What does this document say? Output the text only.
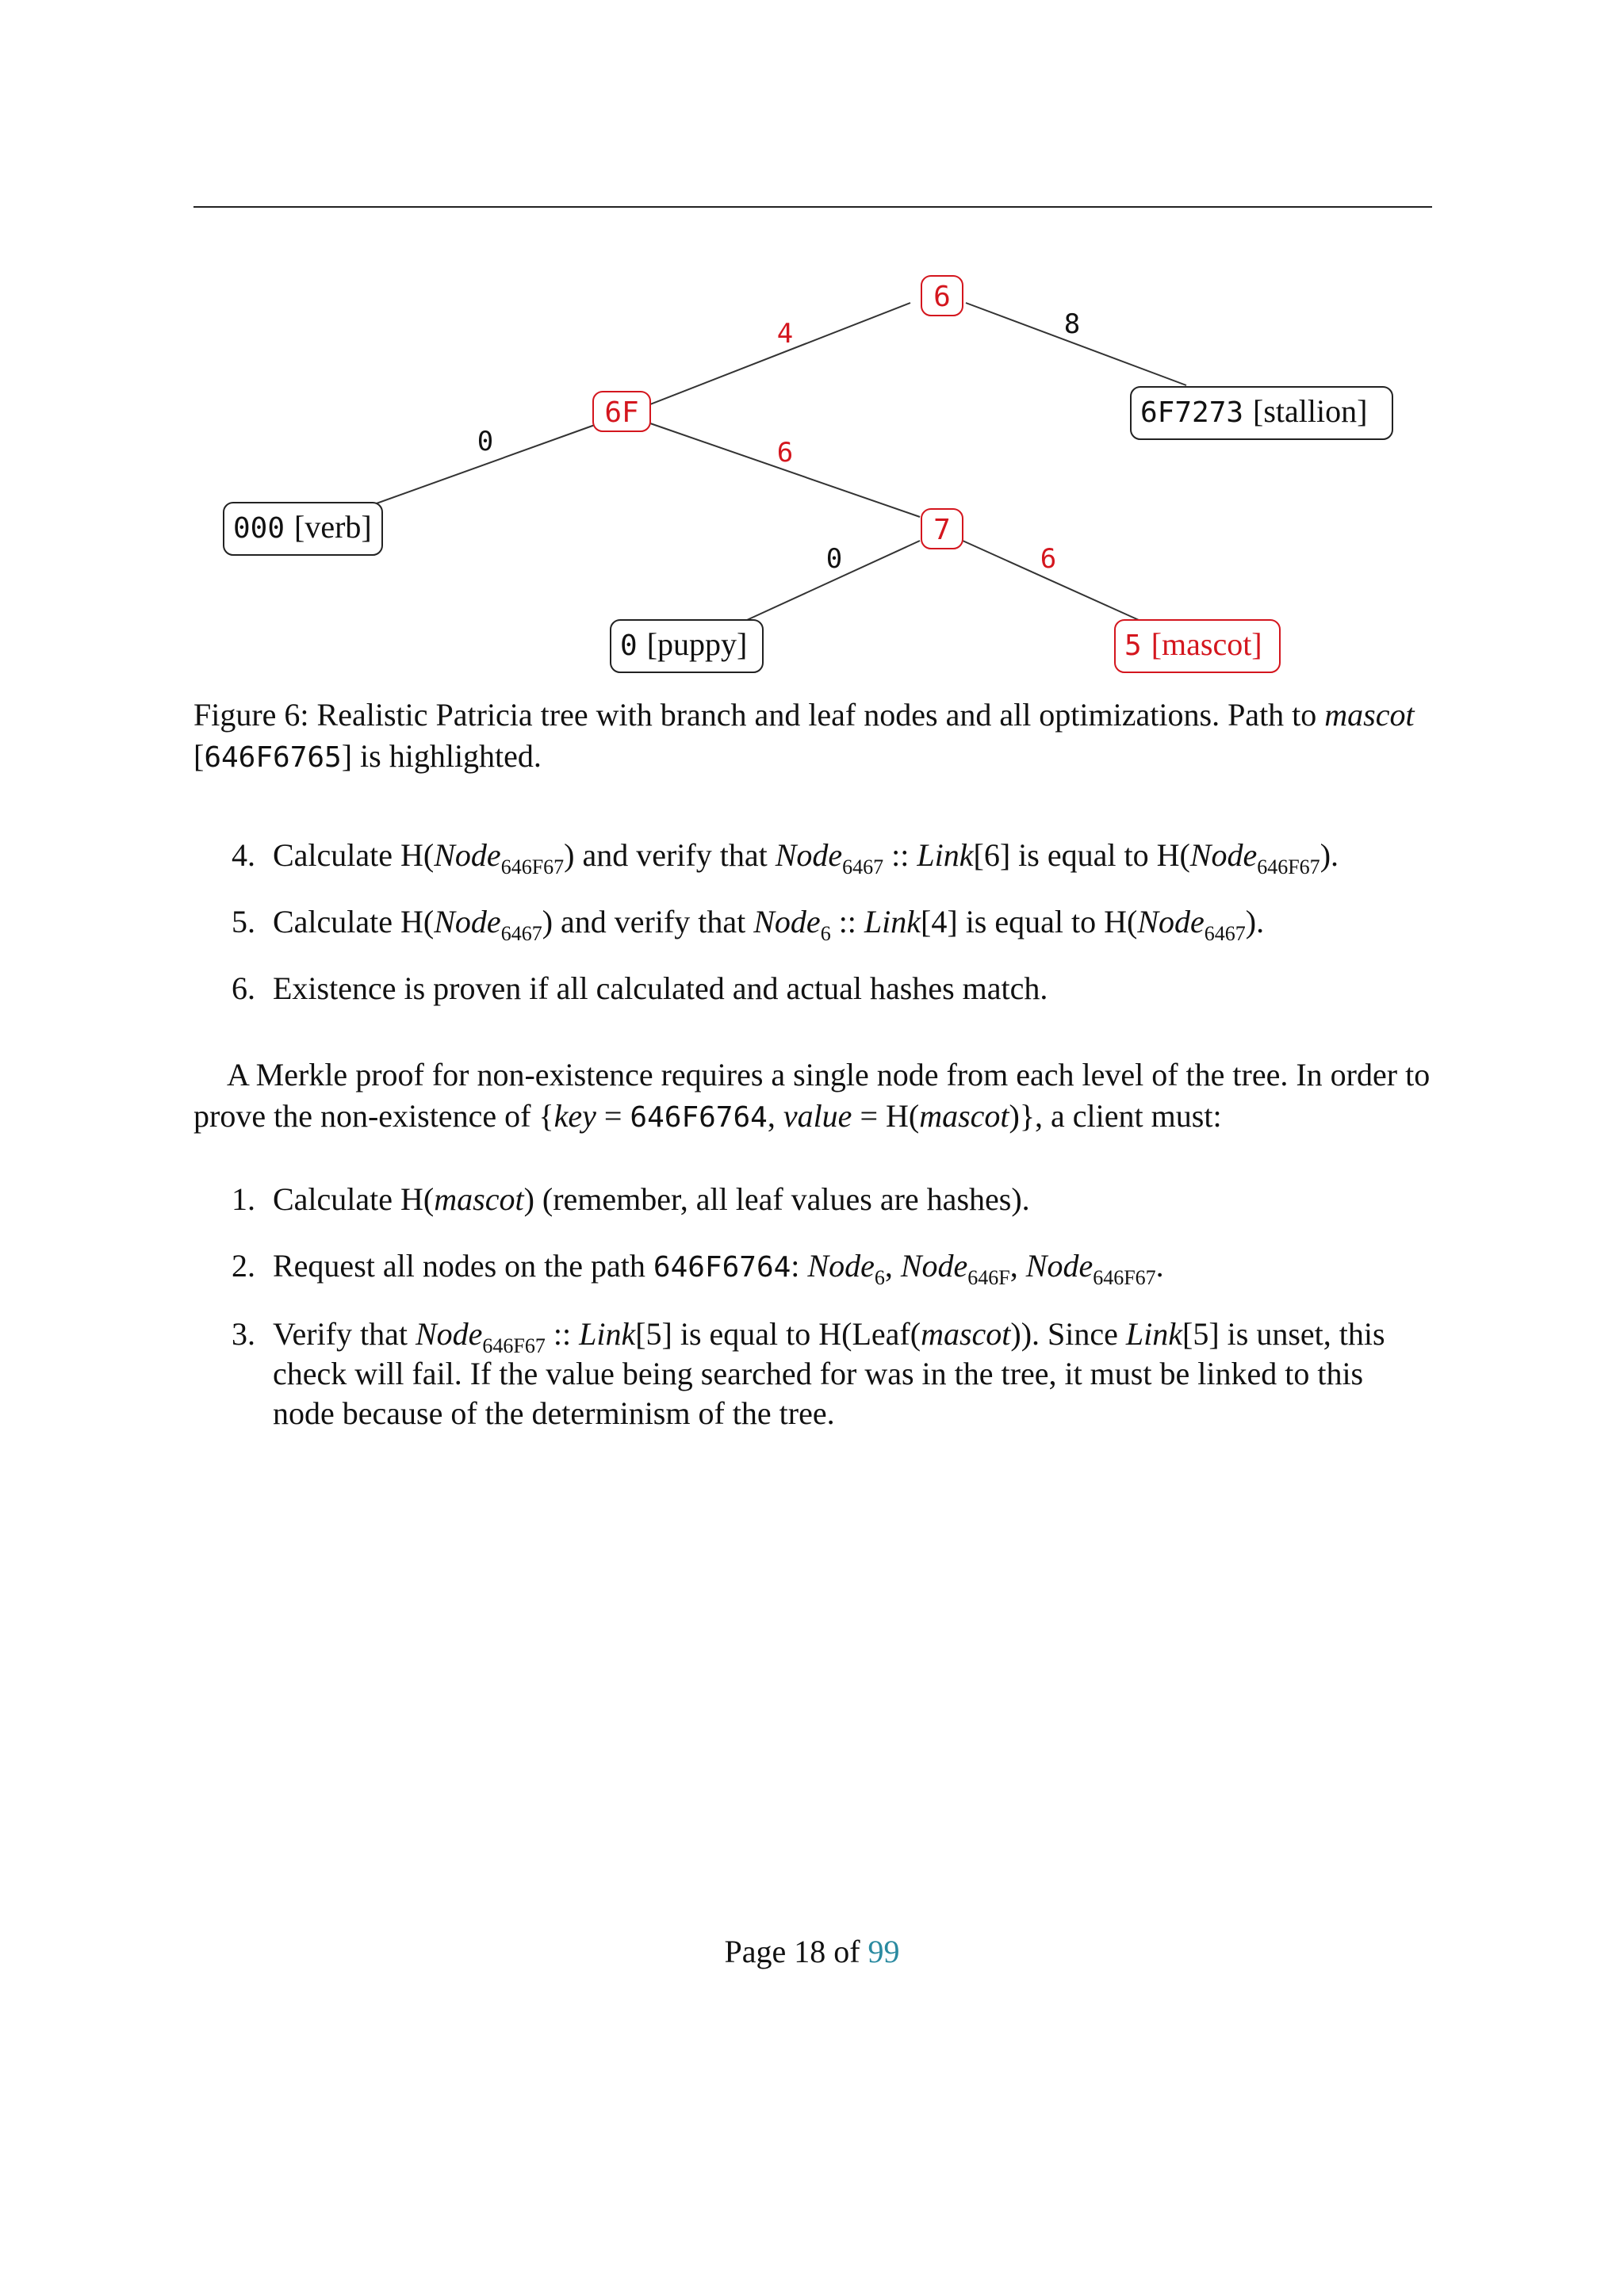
6
6F
7
6F7273 [stallion]
000 [verb]
0 [puppy]	5 [mascot]
4	8
0	6
0	6
Figure 6: Realistic Patricia tree with branch and leaf nodes and all optimizations. Path to mascot [646F6765] is highlighted.
4. Calculate H(Node$_{646F67}$) and verify that Node$_{6467}$ :: Link[6] is equal to H(Node$_{646F67}$).
5. Calculate H(Node$_{6467}$) and verify that Node$_6$ :: Link[4] is equal to H(Node$_{6467}$).
6. Existence is proven if all calculated and actual hashes match.
A Merkle proof for non-existence requires a single node from each level of the tree. In order to prove the non-existence of {key = 646F6764, value = H(mascot)}, a client must:
1. Calculate H(mascot) (remember, all leaf values are hashes).
2. Request all nodes on the path 646F6764: Node$_6$, Node$_{646F}$, Node$_{646F67}$.
3. Verify that Node$_{646F67}$ :: Link[5] is equal to H(Leaf(mascot)). Since Link[5] is unset, this check will fail. If the value being searched for was in the tree, it must be linked to this node because of the determinism of the tree.
Page 18 of 99
